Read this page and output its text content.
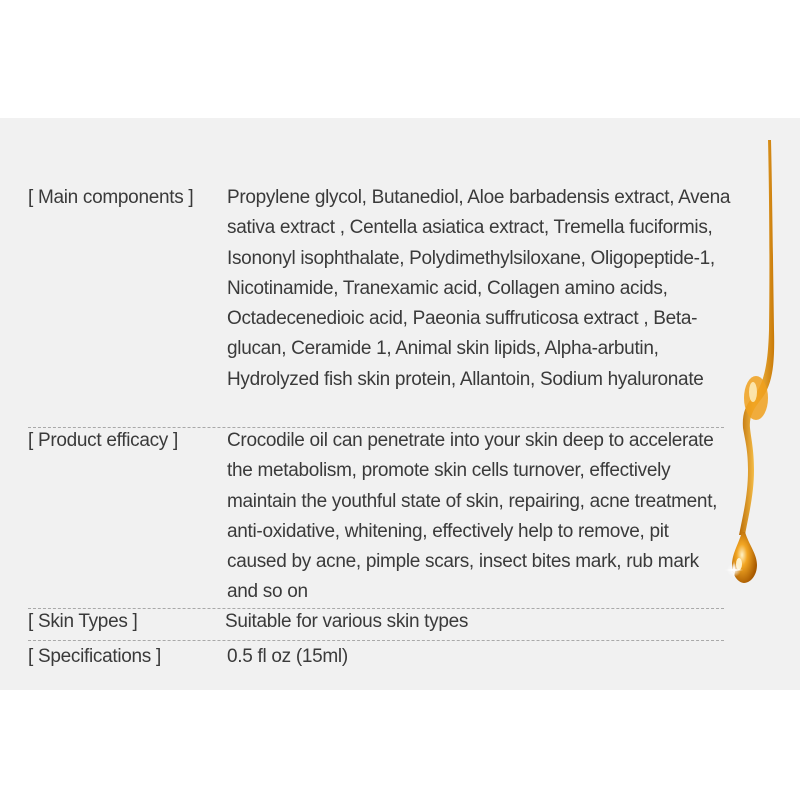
[ Main components ] Propylene glycol, Butanediol, Aloe barbadensis extract, Avena sativa extract , Centella asiatica extract, Tremella fuciformis, Isononyl isophthalate, Polydimethylsiloxane, Oligopeptide-1, Nicotinamide, Tranexamic acid, Collagen amino acids, Octadecenedioic acid, Paeonia suffruticosa extract , Beta-glucan, Ceramide 1, Animal skin lipids, Alpha-arbutin, Hydrolyzed fish skin protein, Allantoin, Sodium hyaluronate
[ Product efficacy ]	Crocodile oil can penetrate into your skin deep to accelerate the metabolism, promote skin cells turnover, effectively maintain the youthful state of skin, repairing, acne treatment, anti-oxidative, whitening, effectively help to remove, pit caused by acne, pimple scars, insect bites mark, rub mark and so on
[ Skin Types ]	Suitable for various skin types
[ Specifications ]	0.5 fl oz (15ml)
